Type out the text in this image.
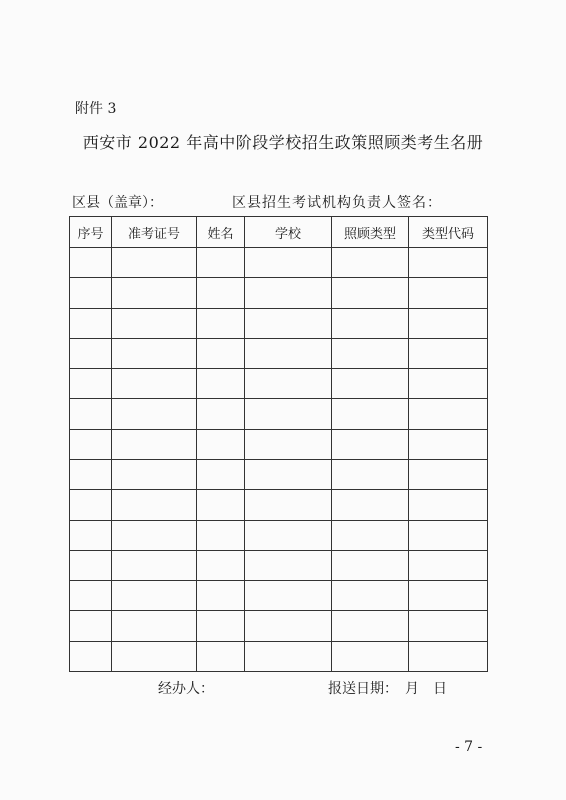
附件 3
西安市 2022 年高中阶段学校招生政策照顾类考生名册
区县（盖章）：	区县招生考试机构负责人签名：
序号	准考证号	姓名	学校	照顾类型	类型代码

经办人：	报送日期：　月　日
- 7 -
